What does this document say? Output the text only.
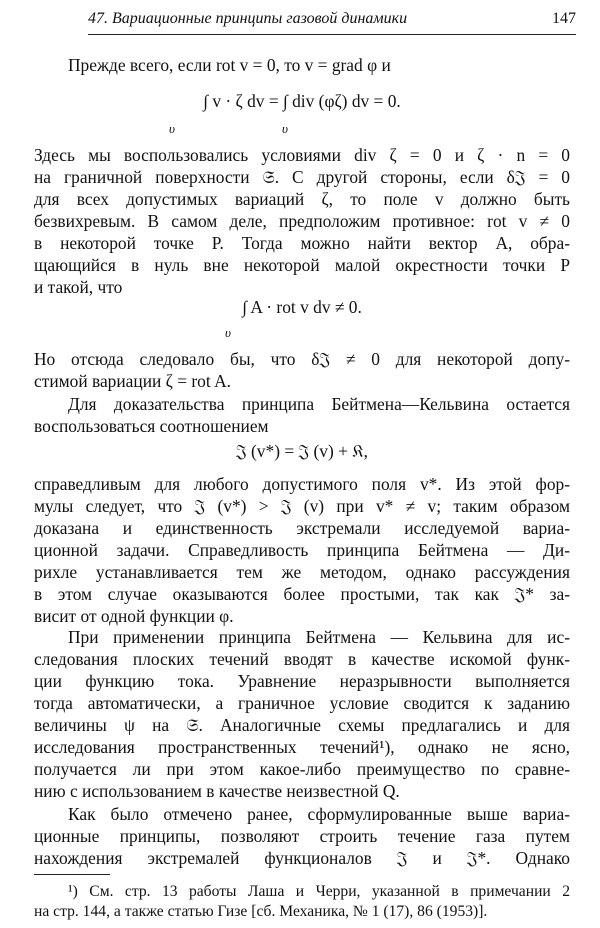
47. Вариационные принципы газовой динамики	147
Прежде всего, если rot v = 0, то v = grad φ и
∫ v · ζ dv = ∫ div (φζ) dv = 0.
υ	υ
Здесь мы воспользовались условиями div ζ = 0 и ζ · n = 0
на граничной поверхности 𝔖. С другой стороны, если δ𝔍 = 0
для всех допустимых вариаций ζ, то поле v должно быть
безвихревым. В самом деле, предположим противное: rot v ≠ 0
в некоторой точке P. Тогда можно найти вектор A, обра-
щающийся в нуль вне некоторой малой окрестности точки P
и такой, что
∫ A · rot v dv ≠ 0.
υ
Но отсюда следовало бы, что δ𝔍 ≠ 0 для некоторой допу-
стимой вариации ζ = rot A.
Для доказательства принципа Бейтмена—Кельвина остается
воспользоваться соотношением
𝔍 (v*) = 𝔍 (v) + 𝔎,
справедливым для любого допустимого поля v*. Из этой фор-
мулы следует, что 𝔍 (v*) > 𝔍 (v) при v* ≠ v; таким образом
доказана и единственность экстремали исследуемой вариа-
ционной задачи. Справедливость принципа Бейтмена — Ди-
рихле устанавливается тем же методом, однако рассуждения
в этом случае оказываются более простыми, так как 𝔍* за-
висит от одной функции φ.
При применении принципа Бейтмена — Кельвина для ис-
следования плоских течений вводят в качестве искомой функ-
ции функцию тока. Уравнение неразрывности выполняется
тогда автоматически, а граничное условие сводится к заданию
величины ψ на 𝔖. Аналогичные схемы предлагались и для
исследования пространственных течений¹), однако не ясно,
получается ли при этом какое-либо преимущество по сравне-
нию с использованием в качестве неизвестной Q.
Как было отмечено ранее, сформулированные выше вариа-
ционные принципы, позволяют строить течение газа путем
нахождения экстремалей функционалов 𝔍 и 𝔍*. Однако
¹) См. стр. 13 работы Лаша и Черри, указанной в примечании 2
на стр. 144, а также статью Гизе [сб. Механика, № 1 (17), 86 (1953)].
